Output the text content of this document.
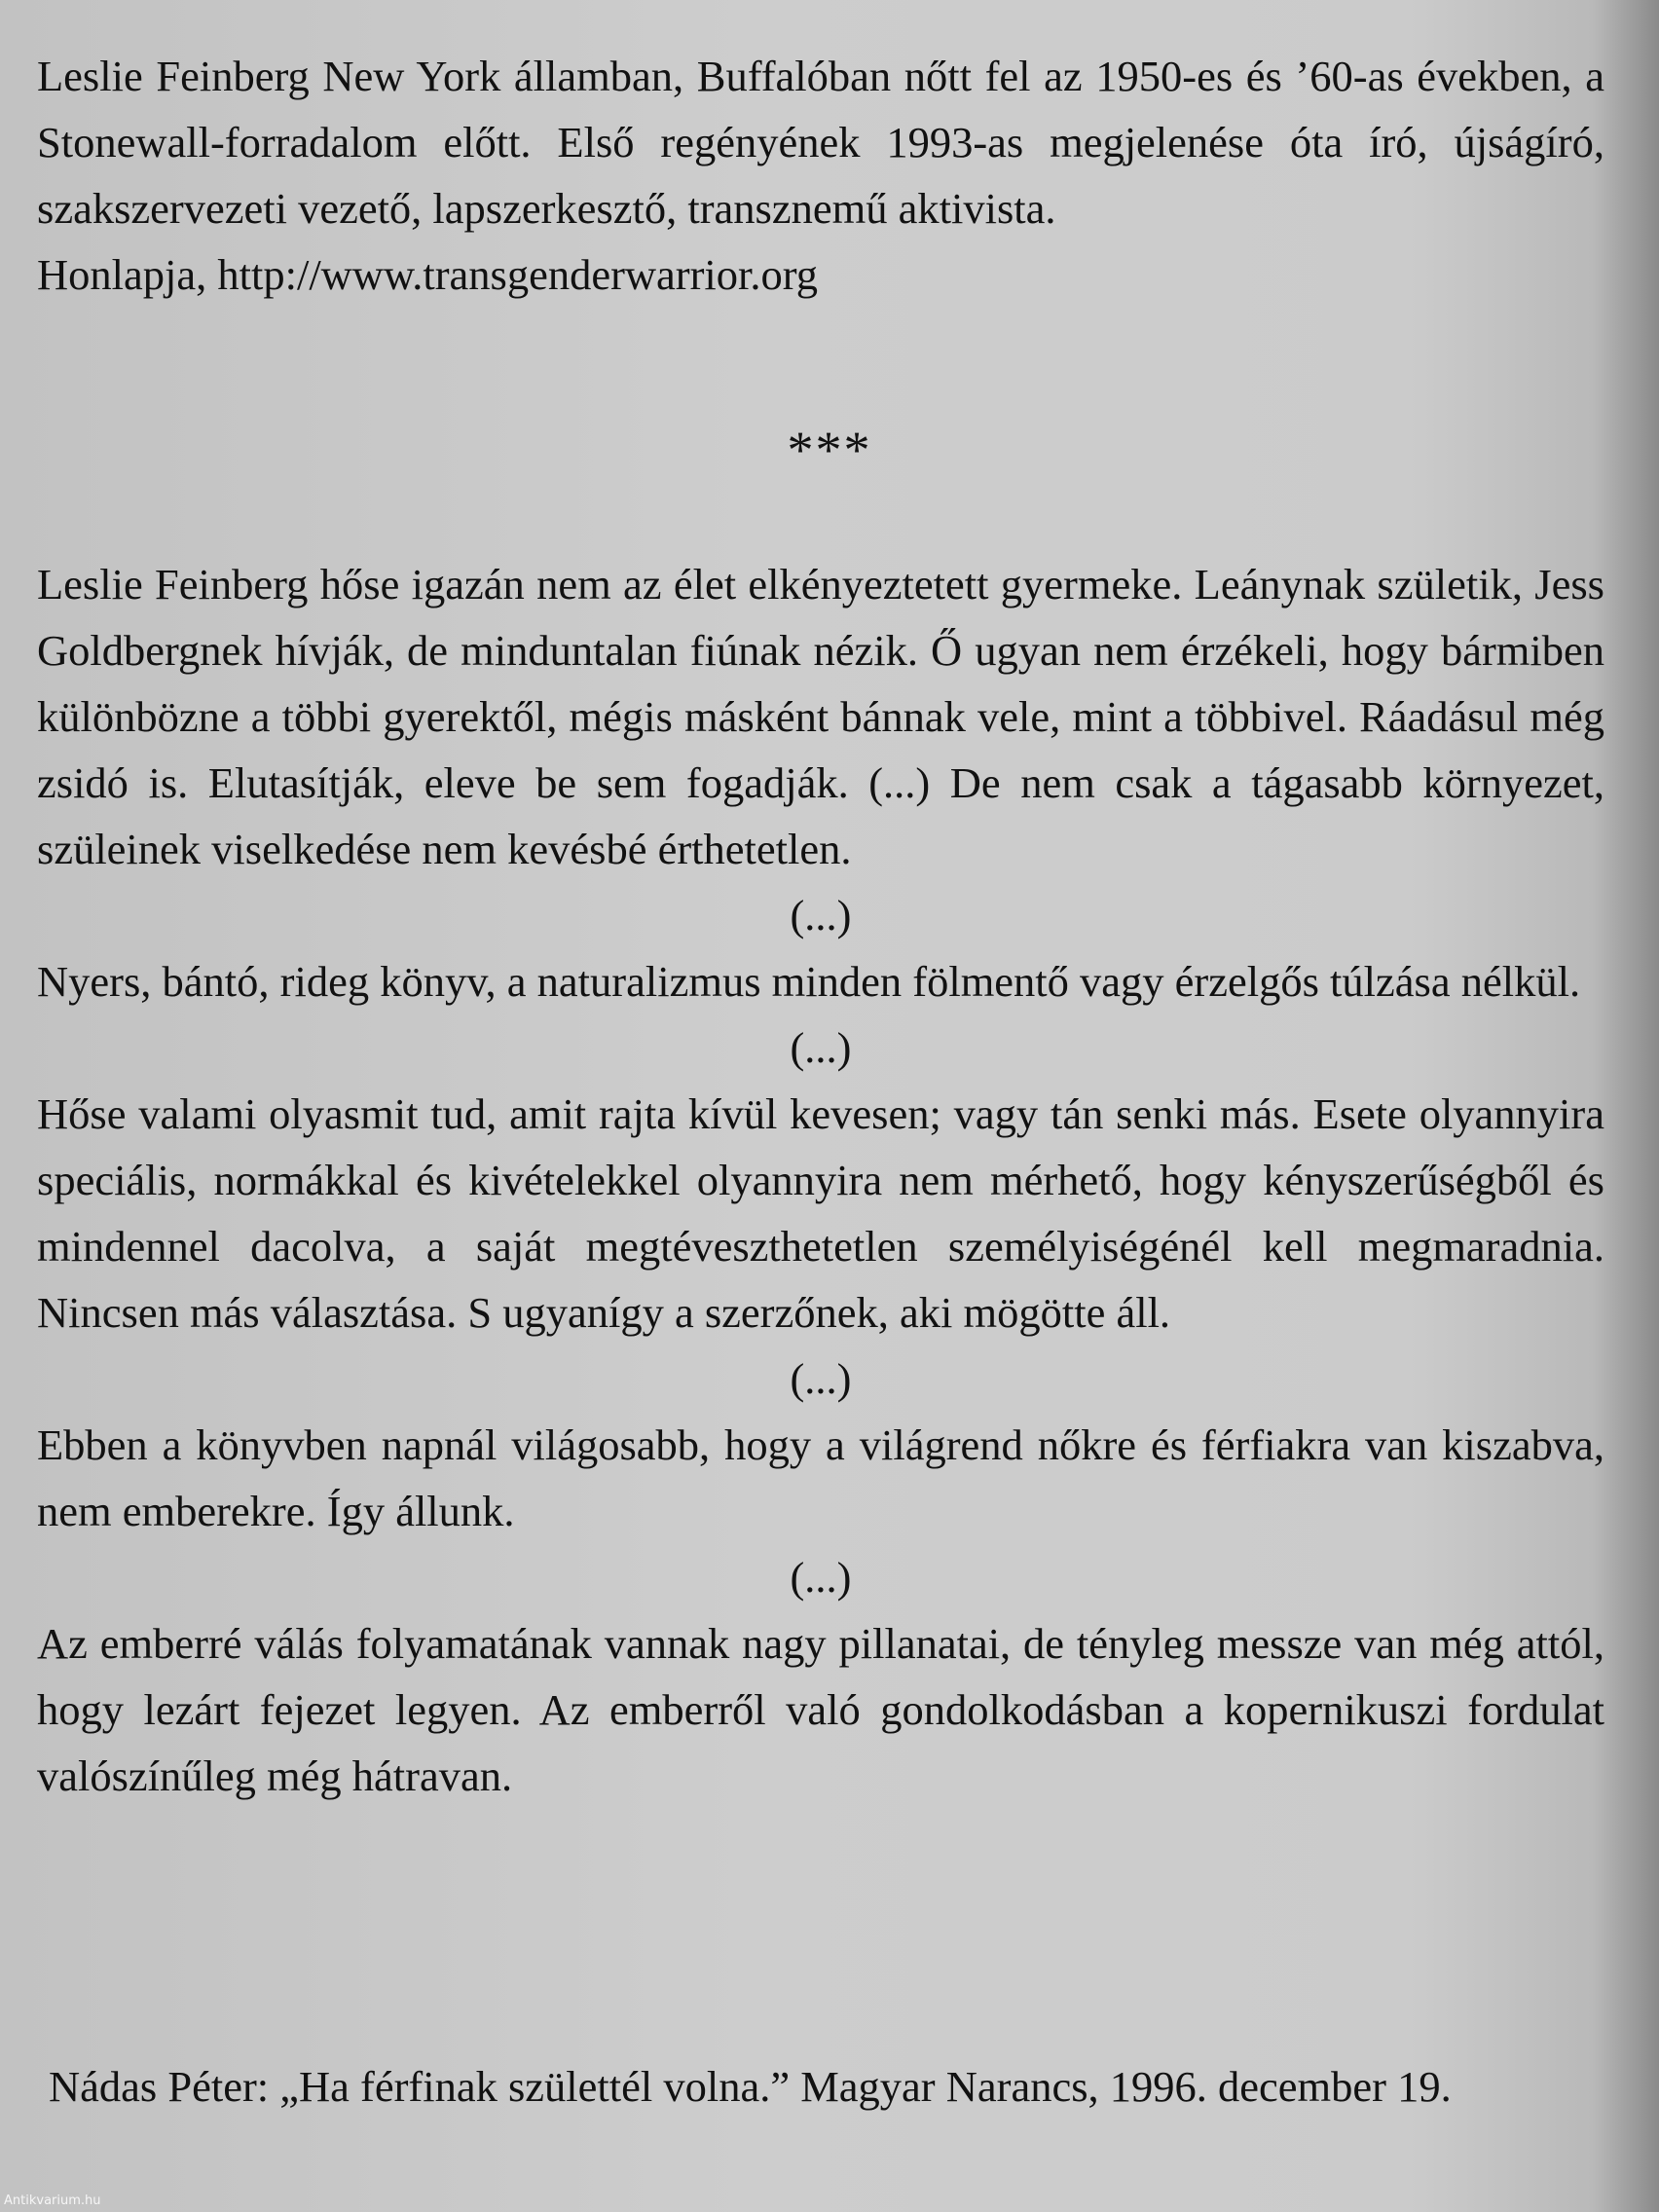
Leslie Feinberg New York államban, Buffalóban nőtt fel az 1950-es és ’60-as években, a Stonewall-forradalom előtt. Első regényének 1993-as megjelenése óta író, újságíró, szakszervezeti vezető, lapszerkesztő, transznemű aktivista.

Honlapja, http://www.transgenderwarrior.org
***

Leslie Feinberg hőse igazán nem az élet elkényeztetett gyermeke. Leánynak születik, Jess Goldbergnek hívják, de minduntalan fiúnak nézik. Ő ugyan nem érzékeli, hogy bármiben különbözne a többi gyerektől, mégis másként bánnak vele, mint a többivel. Ráadásul még zsidó is. Elutasítják, eleve be sem fogadják. (...) De nem csak a tágasabb környezet, szüleinek viselkedése nem kevésbé érthetetlen.

(...)

Nyers, bántó, rideg könyv, a naturalizmus minden fölmentő vagy érzelgős túlzása nélkül.

(...)

Hőse valami olyasmit tud, amit rajta kívül kevesen; vagy tán senki más. Esete olyannyira speciális, normákkal és kivételekkel olyannyira nem mérhető, hogy kényszerűségből és mindennel dacolva, a saját megtéveszthetetlen személyiségénél kell megmaradnia. Nincsen más választása. S ugyanígy a szerzőnek, aki mögötte áll.

(...)

Ebben a könyvben napnál világosabb, hogy a világrend nőkre és férfiakra van kiszabva, nem emberekre. Így állunk.

(...)

Az emberré válás folyamatának vannak nagy pillanatai, de tényleg messze van még attól, hogy lezárt fejezet legyen. Az emberről való gondolkodásban a kopernikuszi fordulat valószínűleg még hátravan.

Nádas Péter: „Ha férfinak születtél volna.” Magyar Narancs, 1996. december 19.
Antikvarium.hu
